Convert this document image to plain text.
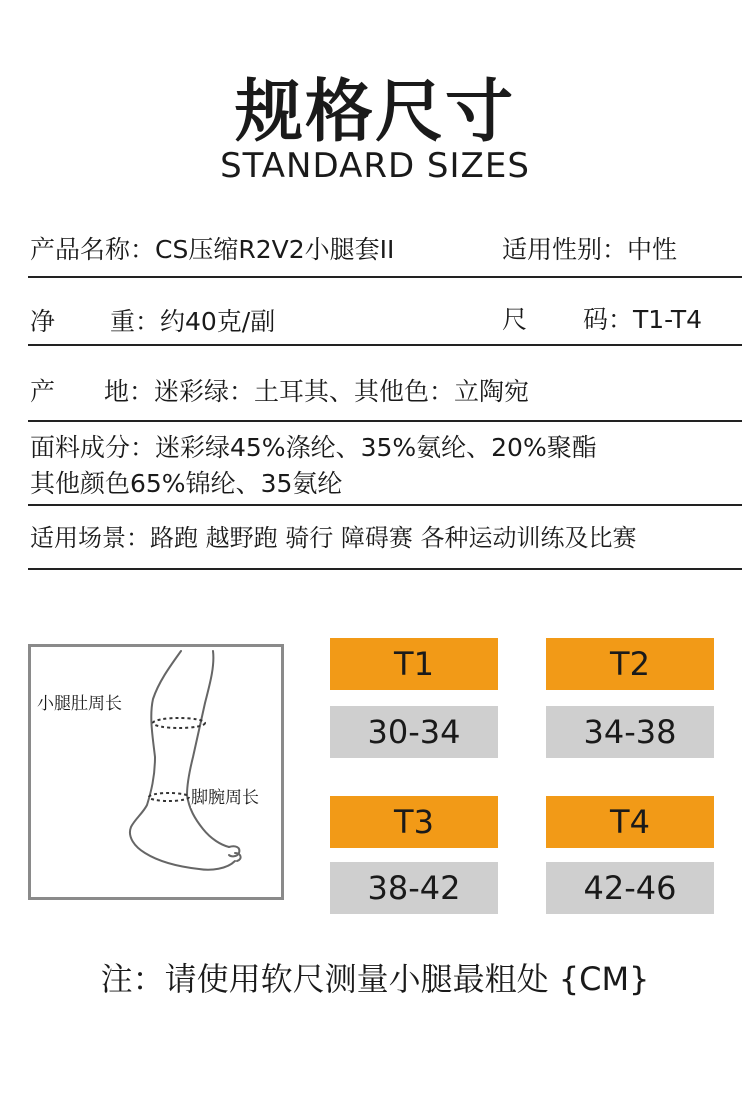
规格尺寸
STANDARD SIZES
产品名称：CS压缩R2V2小腿套II	适用性别：中性
净 重：约40克/副	尺 码：T1-T4
产 地：迷彩绿：土耳其、其他色：立陶宛
面料成分：迷彩绿45%涤纶、35%氨纶、20%聚酯
其他颜色65%锦纶、35氨纶
适用场景：路跑 越野跑 骑行 障碍赛 各种运动训练及比赛
小腿肚周长
脚腕周长
T1
30-34
T2
34-38
T3
38-42
T4
42-46
注：请使用软尺测量小腿最粗处 {CM}
